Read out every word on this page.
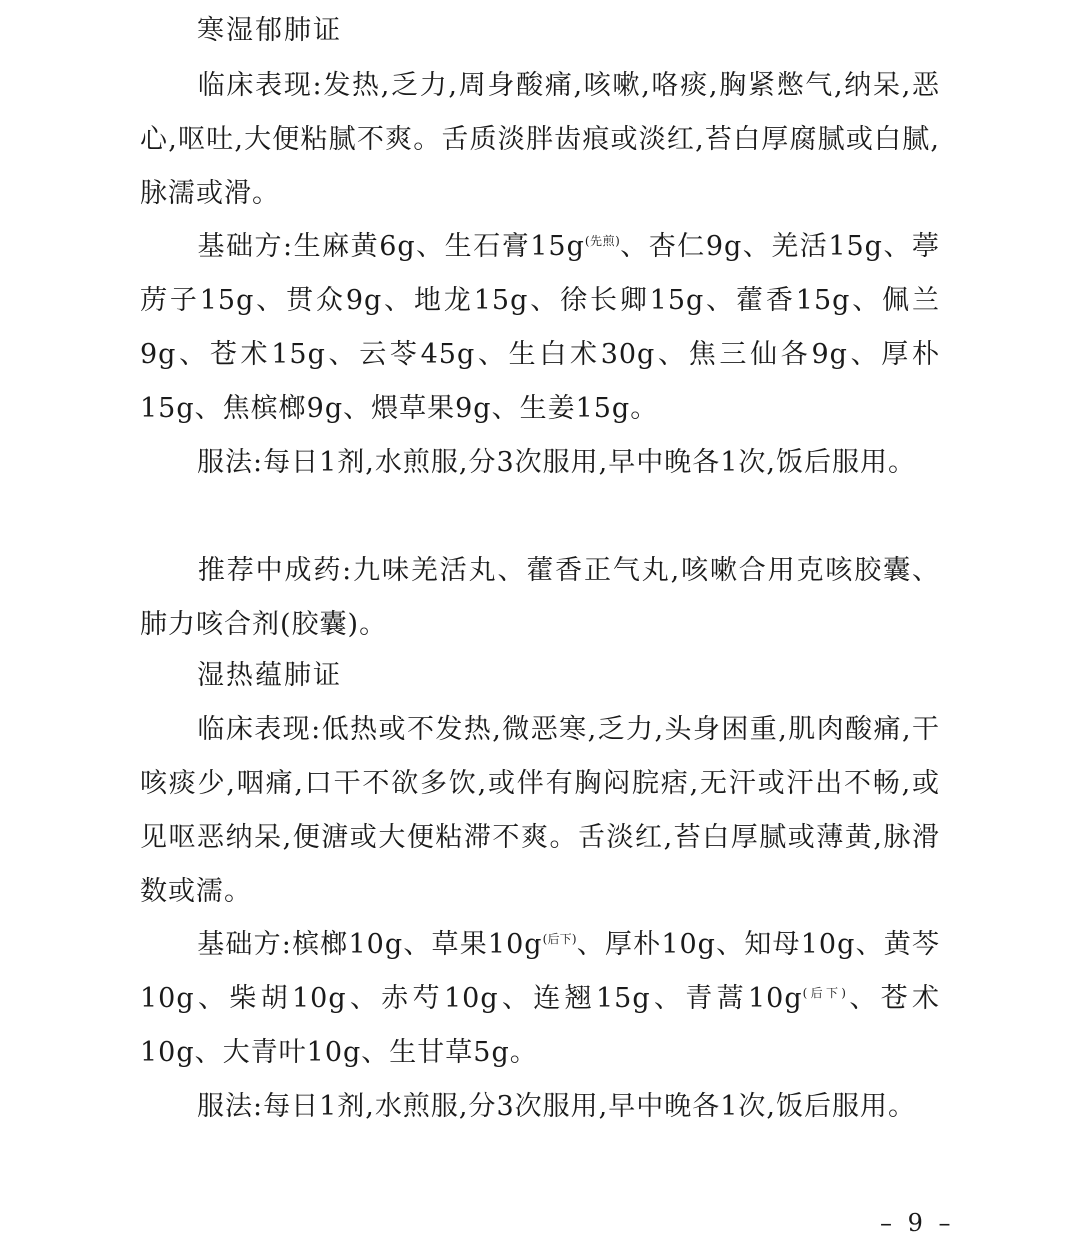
寒湿郁肺证
临床表现:发热,乏力,周身酸痛,咳嗽,咯痰,胸紧憋气,纳呆,恶心,呕吐,大便粘腻不爽。舌质淡胖齿痕或淡红,苔白厚腐腻或白腻,脉濡或滑。
基础方:生麻黄6g、生石膏$15g^{(先煎)}$、杏仁9g、羌活15g、葶苈子15g、贯众9g、地龙15g、徐长卿15g、藿香15g、佩兰9g、苍术15g、云苓45g、生白术30g、焦三仙各9g、厚朴15g、焦槟榔9g、煨草果9g、生姜15g。
服法:每日1剂,水煎服,分3次服用,早中晚各1次,饭后服用。
推荐中成药:九味羌活丸、藿香正气丸,咳嗽合用克咳胶囊、肺力咳合剂(胶囊)。
湿热蕴肺证
临床表现:低热或不发热,微恶寒,乏力,头身困重,肌肉酸痛,干咳痰少,咽痛,口干不欲多饮,或伴有胸闷脘痞,无汗或汗出不畅,或见呕恶纳呆,便溏或大便粘滞不爽。舌淡红,苔白厚腻或薄黄,脉滑数或濡。
基础方:槟榔10g、草果$10g^{(后下)}$、厚朴10g、知母10g、黄芩10g、柴胡10g、赤芍10g、连翘15g、青蒿$10g^{(后下)}$、苍术10g、大青叶10g、生甘草5g。
服法:每日1剂,水煎服,分3次服用,早中晚各1次,饭后服用。
– 9 –
